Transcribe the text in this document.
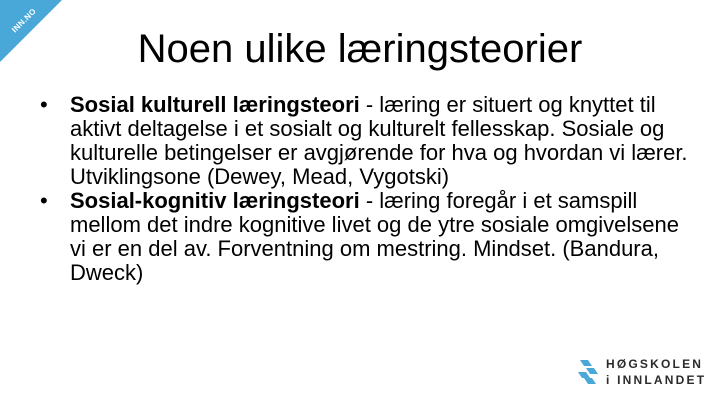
INN.NO
Noen ulike læringsteorier
• Sosial kulturell læringsteori - læring er situert og knyttet til aktivt deltagelse i et sosialt og kulturelt fellesskap. Sosiale og kulturelle betingelser er avgjørende for hva og hvordan vi lærer. Utviklingsone (Dewey, Mead, Vygotski)
• Sosial-kognitiv læringsteori - læring foregår i et samspill mellom det indre kognitive livet og de ytre sosiale omgivelsene vi er en del av. Forventning om mestring. Mindset. (Bandura, Dweck)
HØGSKOLEN
i INNLANDET
